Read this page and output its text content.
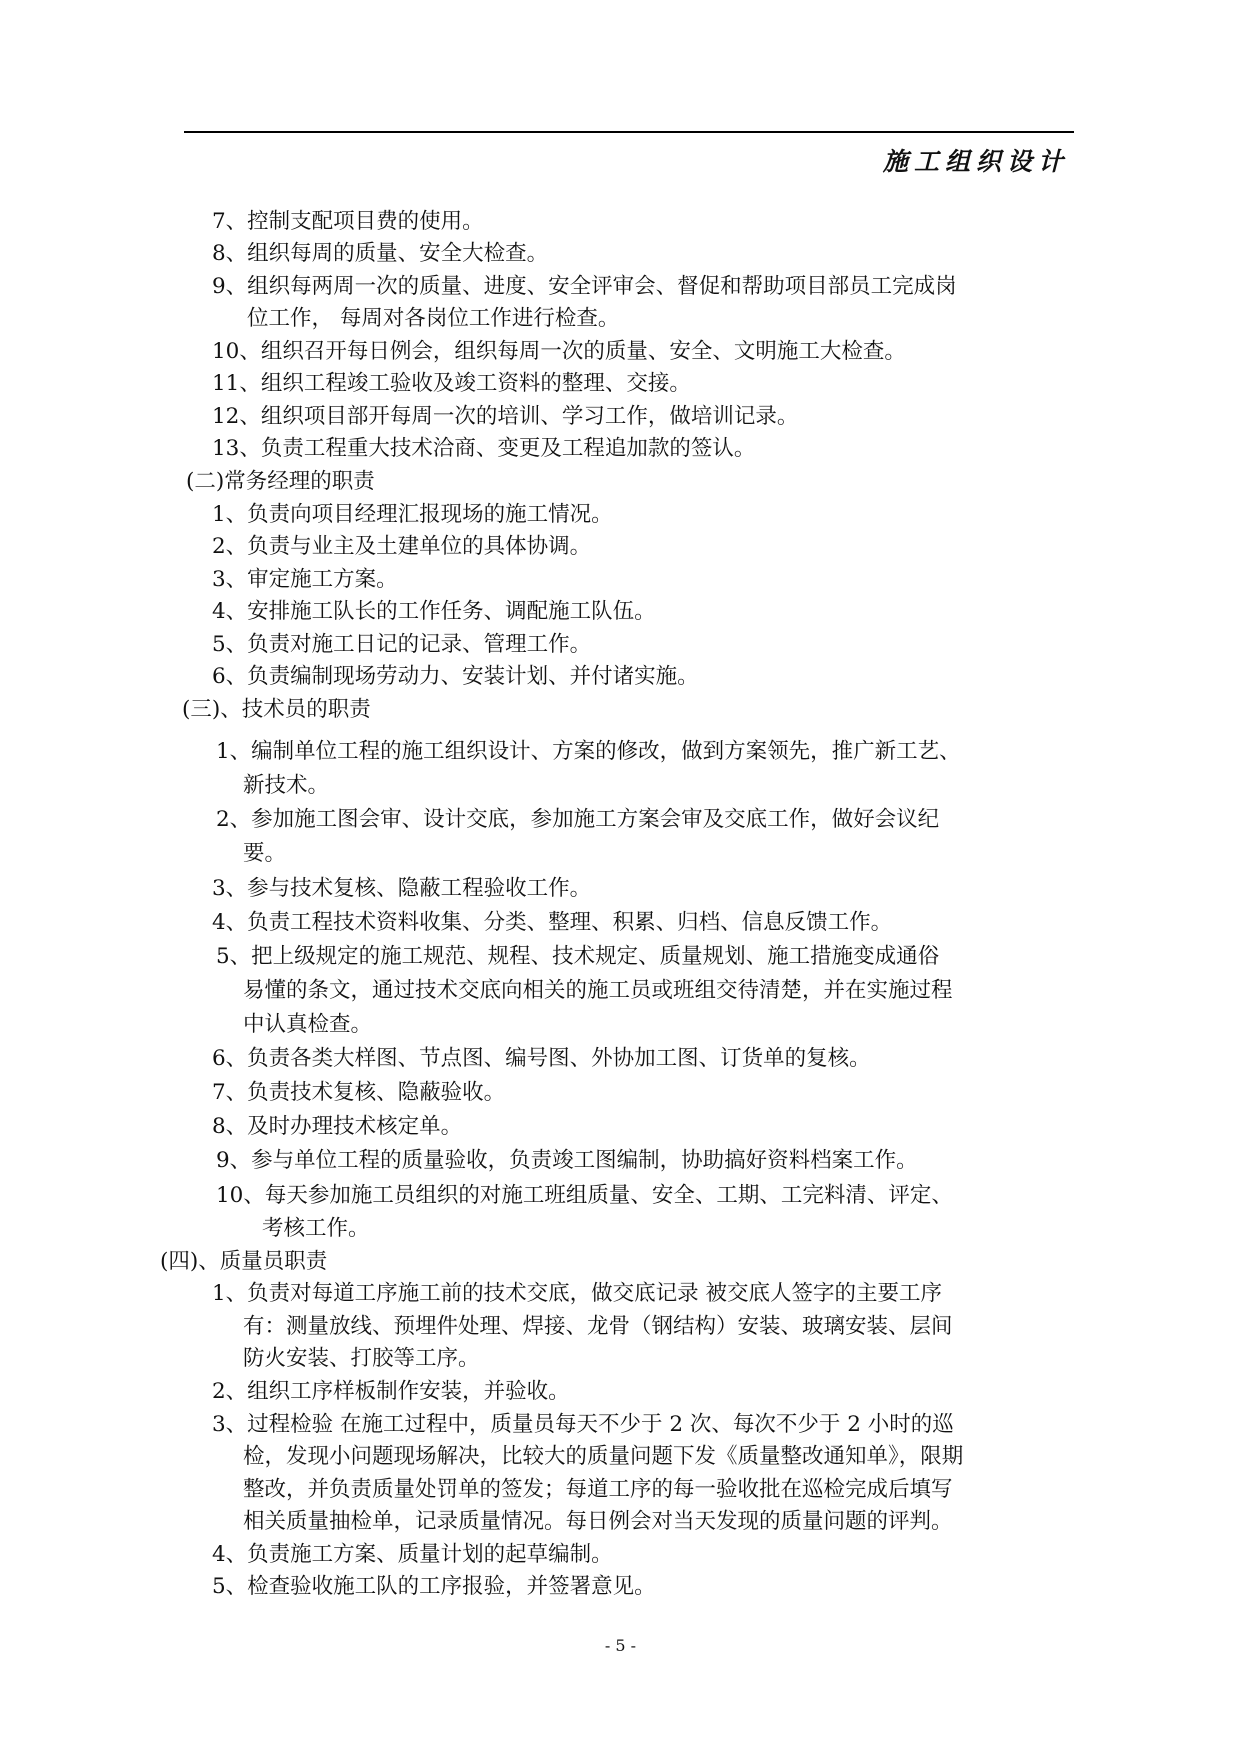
施工组织设计
7、控制支配项目费的使用。
8、组织每周的质量、安全大检查。
9、组织每两周一次的质量、进度、安全评审会、督促和帮助项目部员工完成岗
位工作， 每周对各岗位工作进行检查。
10、组织召开每日例会，组织每周一次的质量、安全、文明施工大检查。
11、组织工程竣工验收及竣工资料的整理、交接。
12、组织项目部开每周一次的培训、学习工作，做培训记录。
13、负责工程重大技术洽商、变更及工程追加款的签认。
(二)常务经理的职责
1、负责向项目经理汇报现场的施工情况。
2、负责与业主及土建单位的具体协调。
3、审定施工方案。
4、安排施工队长的工作任务、调配施工队伍。
5、负责对施工日记的记录、管理工作。
6、负责编制现场劳动力、安装计划、并付诸实施。
(三)、技术员的职责
1、编制单位工程的施工组织设计、方案的修改，做到方案领先，推广新工艺、
新技术。
2、参加施工图会审、设计交底，参加施工方案会审及交底工作，做好会议纪
要。
3、参与技术复核、隐蔽工程验收工作。
4、负责工程技术资料收集、分类、整理、积累、归档、信息反馈工作。
5、把上级规定的施工规范、规程、技术规定、质量规划、施工措施变成通俗
易懂的条文，通过技术交底向相关的施工员或班组交待清楚，并在实施过程
中认真检查。
6、负责各类大样图、节点图、编号图、外协加工图、订货单的复核。
7、负责技术复核、隐蔽验收。
8、及时办理技术核定单。
9、参与单位工程的质量验收，负责竣工图编制，协助搞好资料档案工作。
10、每天参加施工员组织的对施工班组质量、安全、工期、工完料清、评定、
考核工作。
(四)、质量员职责
1、负责对每道工序施工前的技术交底，做交底记录 被交底人签字的主要工序
有：测量放线、预埋件处理、焊接、龙骨（钢结构）安装、玻璃安装、层间
防火安装、打胶等工序。
2、组织工序样板制作安装，并验收。
3、过程检验 在施工过程中，质量员每天不少于 2 次、每次不少于 2 小时的巡
检，发现小问题现场解决，比较大的质量问题下发《质量整改通知单》，限期
整改，并负责质量处罚单的签发；每道工序的每一验收批在巡检完成后填写
相关质量抽检单，记录质量情况。每日例会对当天发现的质量问题的评判。
4、负责施工方案、质量计划的起草编制。
5、检查验收施工队的工序报验，并签署意见。
- 5 -
